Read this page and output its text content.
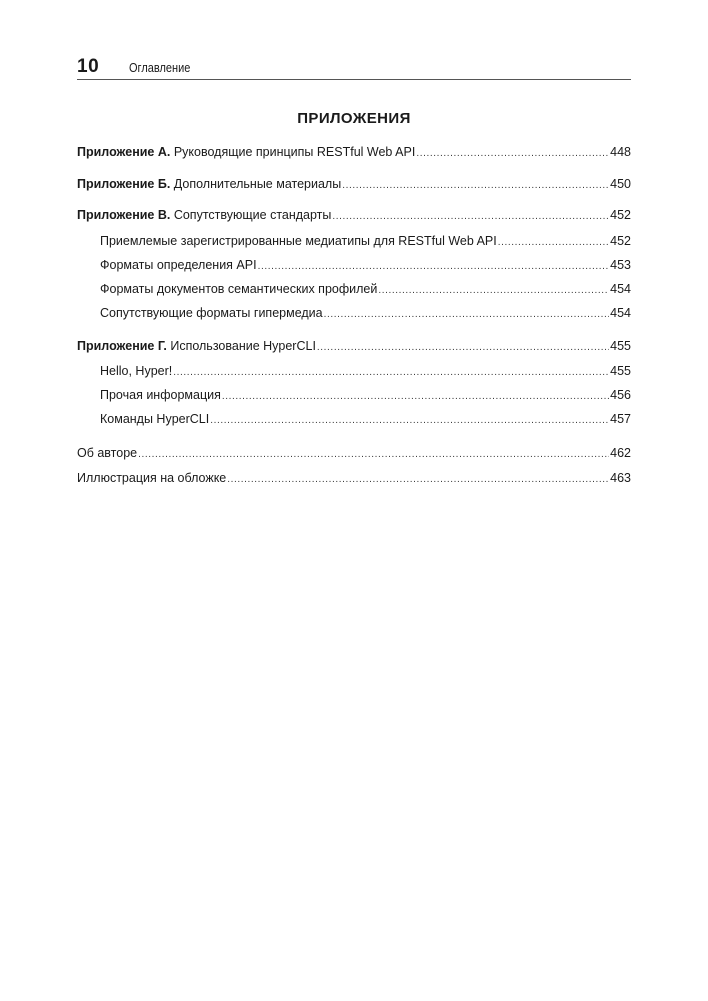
10 Оглавление
ПРИЛОЖЕНИЯ
Приложение А. Руководящие принципы RESTful Web API .....	448
Приложение Б. Дополнительные материалы .....	450
Приложение В. Сопутствующие стандарты .....	452
Приемлемые зарегистрированные медиатипы для RESTful Web API .....	452
Форматы определения API .....	453
Форматы документов семантических профилей .....	454
Сопутствующие форматы гипермедиа .....	454
Приложение Г. Использование HyperCLI .....	455
Hello, Hyper! .....	455
Прочая информация .....	456
Команды HyperCLI .....	457
Об авторе .....	462
Иллюстрация на обложке .....	463
